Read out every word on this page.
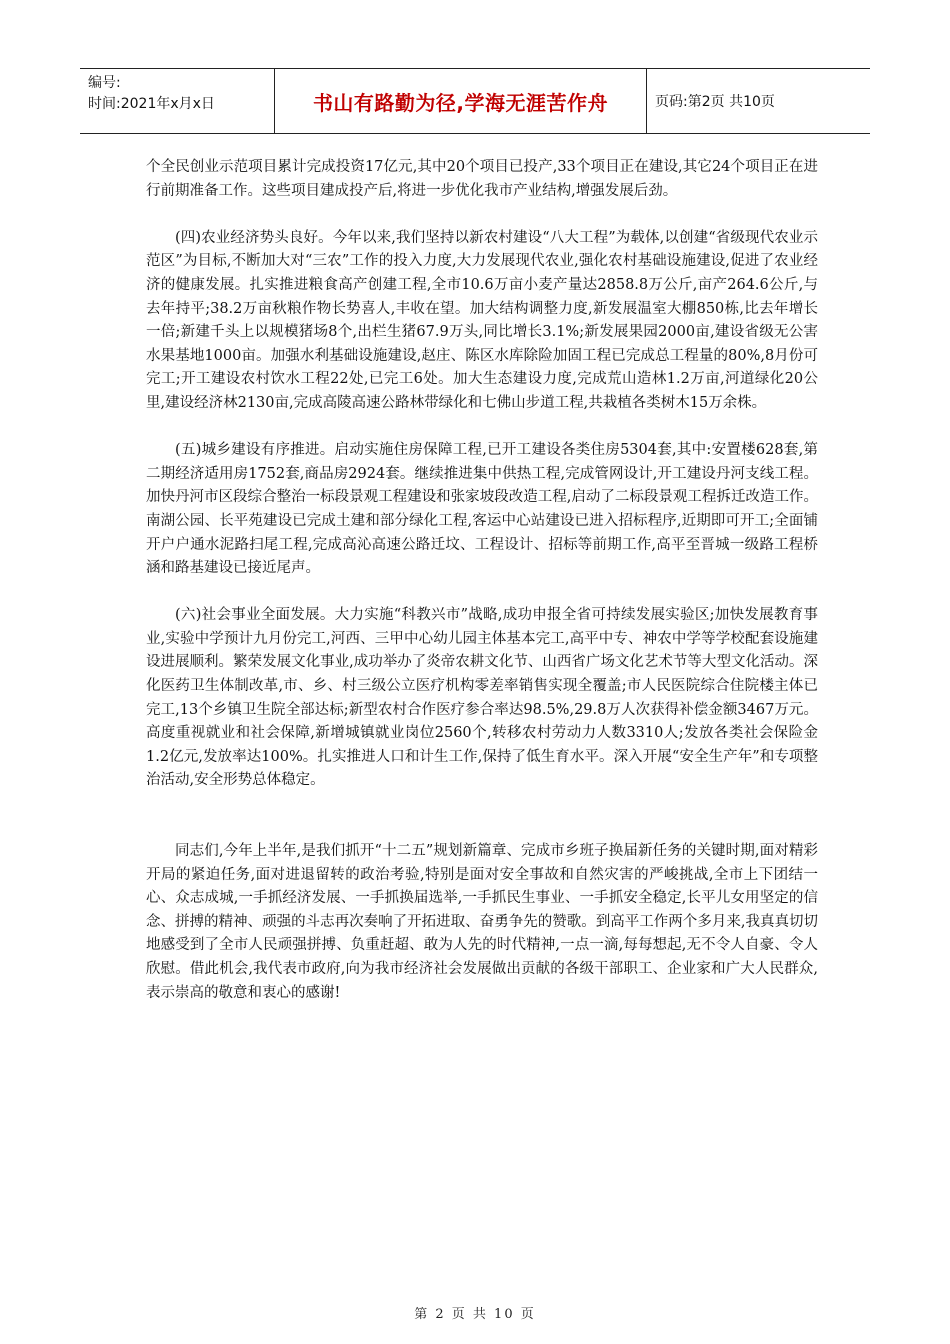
编号:
时间:2021年x月x日	书山有路勤为径,学海无涯苦作舟	页码:第2页 共10页

个全民创业示范项目累计完成投资17亿元,其中20个项目已投产,33个项目正在建设,其它24个项目正在进行前期准备工作。这些项目建成投产后,将进一步优化我市产业结构,增强发展后劲。

(四)农业经济势头良好。今年以来,我们坚持以新农村建设“八大工程”为载体,以创建“省级现代农业示范区”为目标,不断加大对“三农”工作的投入力度,大力发展现代农业,强化农村基础设施建设,促进了农业经济的健康发展。扎实推进粮食高产创建工程,全市10.6万亩小麦产量达2858.8万公斤,亩产264.6公斤,与去年持平;38.2万亩秋粮作物长势喜人,丰收在望。加大结构调整力度,新发展温室大棚850栋,比去年增长一倍;新建千头上以规模猪场8个,出栏生猪67.9万头,同比增长3.1%;新发展果园2000亩,建设省级无公害水果基地1000亩。加强水利基础设施建设,赵庄、陈区水库除险加固工程已完成总工程量的80%,8月份可完工;开工建设农村饮水工程22处,已完工6处。加大生态建设力度,完成荒山造林1.2万亩,河道绿化20公里,建设经济林2130亩,完成高陵高速公路林带绿化和七佛山步道工程,共栽植各类树木15万余株。

(五)城乡建设有序推进。启动实施住房保障工程,已开工建设各类住房5304套,其中:安置楼628套,第二期经济适用房1752套,商品房2924套。继续推进集中供热工程,完成管网设计,开工建设丹河支线工程。加快丹河市区段综合整治一标段景观工程建设和张家坡段改造工程,启动了二标段景观工程拆迁改造工作。南湖公园、长平苑建设已完成土建和部分绿化工程,客运中心站建设已进入招标程序,近期即可开工;全面铺开户户通水泥路扫尾工程,完成高沁高速公路迁坟、工程设计、招标等前期工作,高平至晋城一级路工程桥涵和路基建设已接近尾声。

(六)社会事业全面发展。大力实施“科教兴市”战略,成功申报全省可持续发展实验区;加快发展教育事业,实验中学预计九月份完工,河西、三甲中心幼儿园主体基本完工,高平中专、神农中学等学校配套设施建设进展顺利。繁荣发展文化事业,成功举办了炎帝农耕文化节、山西省广场文化艺术节等大型文化活动。深化医药卫生体制改革,市、乡、村三级公立医疗机构零差率销售实现全覆盖;市人民医院综合住院楼主体已完工,13个乡镇卫生院全部达标;新型农村合作医疗参合率达98.5%,29.8万人次获得补偿金额3467万元。高度重视就业和社会保障,新增城镇就业岗位2560个,转移农村劳动力人数3310人;发放各类社会保险金1.2亿元,发放率达100%。扎实推进人口和计生工作,保持了低生育水平。深入开展“安全生产年”和专项整治活动,安全形势总体稳定。

同志们,今年上半年,是我们抓开“十二五”规划新篇章、完成市乡班子换届新任务的关键时期,面对精彩开局的紧迫任务,面对进退留转的政治考验,特别是面对安全事故和自然灾害的严峻挑战,全市上下团结一心、众志成城,一手抓经济发展、一手抓换届选举,一手抓民生事业、一手抓安全稳定,长平儿女用坚定的信念、拼搏的精神、顽强的斗志再次奏响了开拓进取、奋勇争先的赞歌。到高平工作两个多月来,我真真切切地感受到了全市人民顽强拼搏、负重赶超、敢为人先的时代精神,一点一滴,每每想起,无不令人自豪、令人欣慰。借此机会,我代表市政府,向为我市经济社会发展做出贡献的各级干部职工、企业家和广大人民群众,表示崇高的敬意和衷心的感谢!

第 2 页 共 10 页
